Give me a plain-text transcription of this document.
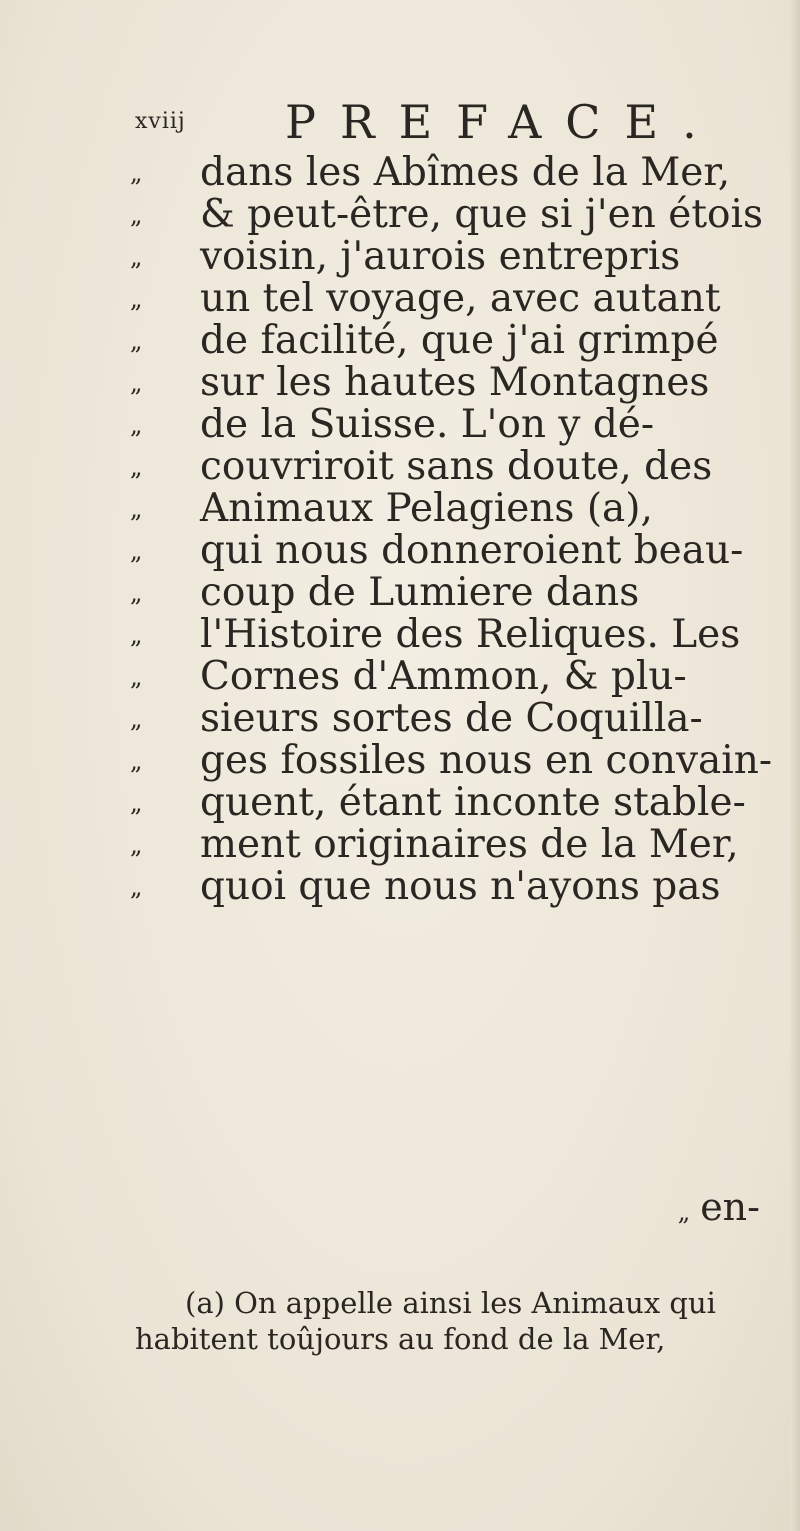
xviij PREFACE.
„	dans les Abîmes de la Mer,
„	& peut-être, que si j'en étois
„	voisin, j'aurois entrepris
„	un tel voyage, avec autant
„	de facilité, que j'ai grimpé
„	sur les hautes Montagnes
„	de la Suisse. L'on y dé-
„	couvriroit sans doute, des
„	Animaux Pelagiens (a),
„	qui nous donneroient beau-
„	coup de Lumiere dans
„	l'Histoire des Reliques. Les
„	Cornes d'Ammon, & plu-
„	sieurs sortes de Coquilla-
„	ges fossiles nous en convain-
„	quent, étant inconte stable-
„	ment originaires de la Mer,
„	quoi que nous n'ayons pas
„ en-
(a) On appelle ainsi les Animaux qui
habitent toûjours au fond de la Mer,
